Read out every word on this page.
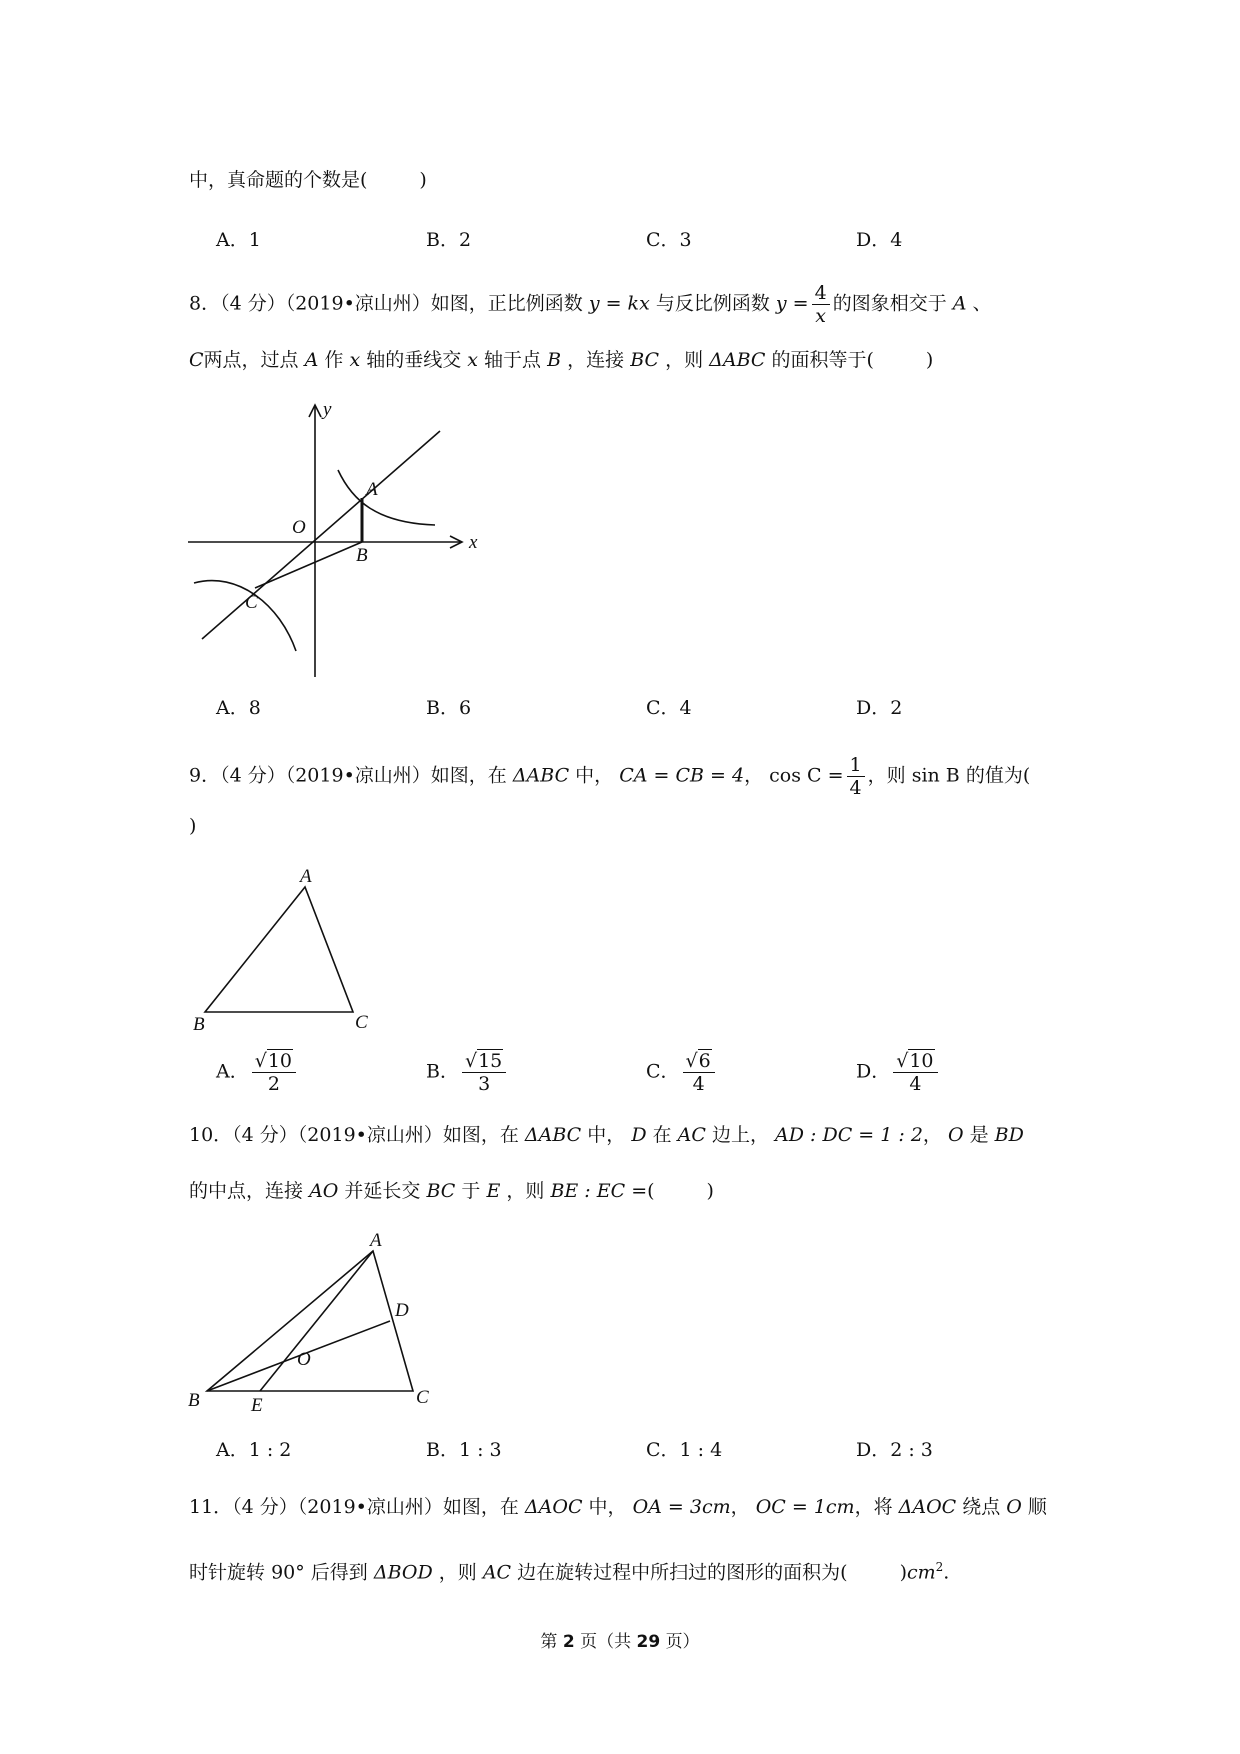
中，真命题的个数是(	)
A．1	B．2	C．3	D．4
8．（4 分）（2019•凉山州）如图，正比例函数 y = kx 与反比例函数 $y = \frac{4}{x}$ 的图象相交于 A 、
C两点，过点 A 作 x 轴的垂线交 x 轴于点 B ，连接 BC ，则 ΔABC 的面积等于(	)
y
x
O
A
B
C
A．8	B．6	C．4	D．2
9．（4 分）（2019•凉山州）如图，在 ΔABC 中， CA = CB = 4， $\cos C = \frac{1}{4}$ ，则 sin B 的值为(
)
A
B	C
A． $\frac{√10}{2}$	B． $\frac{√15}{3}$	C． $\frac{√6}{4}$	D． $\frac{√10}{4}$
10．（4 分）（2019•凉山州）如图，在 ΔABC 中， D 在 AC 边上， AD : DC = 1 : 2， O 是 BD
的中点，连接 AO 并延长交 BC 于 E ，则 BE : EC =(	)
A
B	C
D
E
O
A．1 : 2	B．1 : 3	C．1 : 4	D．2 : 3
11．（4 分）（2019•凉山州）如图，在 ΔAOC 中， OA = 3cm， OC = 1cm，将 ΔAOC 绕点 O 顺
时针旋转 90° 后得到 ΔBOD ，则 AC 边在旋转过程中所扫过的图形的面积为(	)$cm^2$.
第 2 页（共 29 页）
